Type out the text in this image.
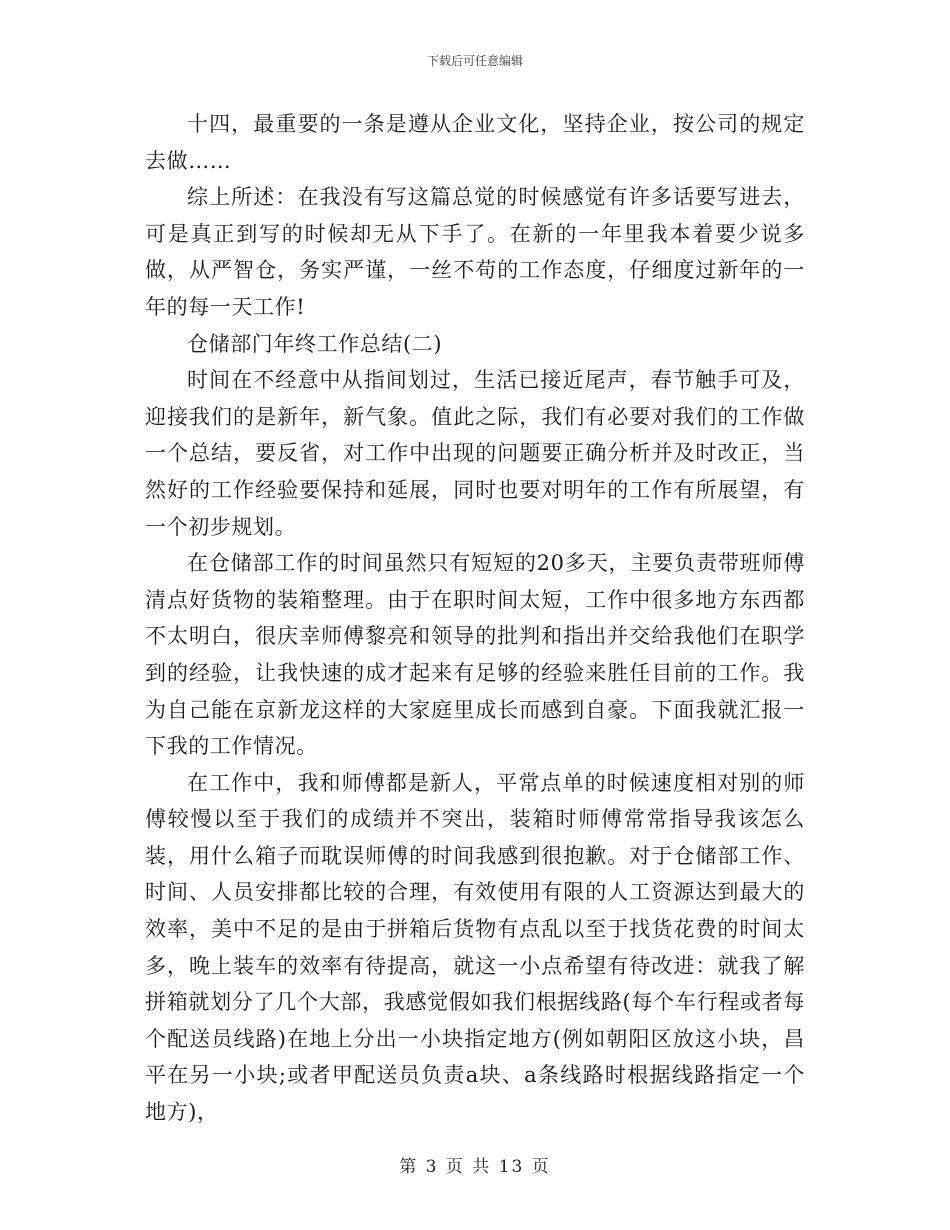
下载后可任意编辑

十四，最重要的一条是遵从企业文化，坚持企业，按公司的规定去做……

综上所述：在我没有写这篇总觉的时候感觉有许多话要写进去，可是真正到写的时候却无从下手了。在新的一年里我本着要少说多做，从严智仓，务实严谨，一丝不苟的工作态度，仔细度过新年的一年的每一天工作!

仓储部门年终工作总结(二)

时间在不经意中从指间划过，生活已接近尾声，春节触手可及，迎接我们的是新年，新气象。值此之际，我们有必要对我们的工作做一个总结，要反省，对工作中出现的问题要正确分析并及时改正，当然好的工作经验要保持和延展，同时也要对明年的工作有所展望，有一个初步规划。

在仓储部工作的时间虽然只有短短的20多天，主要负责带班师傅清点好货物的装箱整理。由于在职时间太短，工作中很多地方东西都不太明白，很庆幸师傅黎亮和领导的批判和指出并交给我他们在职学到的经验，让我快速的成才起来有足够的经验来胜任目前的工作。我为自己能在京新龙这样的大家庭里成长而感到自豪。下面我就汇报一下我的工作情况。

在工作中，我和师傅都是新人，平常点单的时候速度相对别的师傅较慢以至于我们的成绩并不突出，装箱时师傅常常指导我该怎么装，用什么箱子而耽误师傅的时间我感到很抱歉。对于仓储部工作、时间、人员安排都比较的合理，有效使用有限的人工资源达到最大的效率，美中不足的是由于拼箱后货物有点乱以至于找货花费的时间太多，晚上装车的效率有待提高，就这一小点希望有待改进：就我了解拼箱就划分了几个大部，我感觉假如我们根据线路(每个车行程或者每个配送员线路)在地上分出一小块指定地方(例如朝阳区放这小块，昌平在另一小块;或者甲配送员负责a块、a条线路时根据线路指定一个地方)，

第 3 页 共 13 页
